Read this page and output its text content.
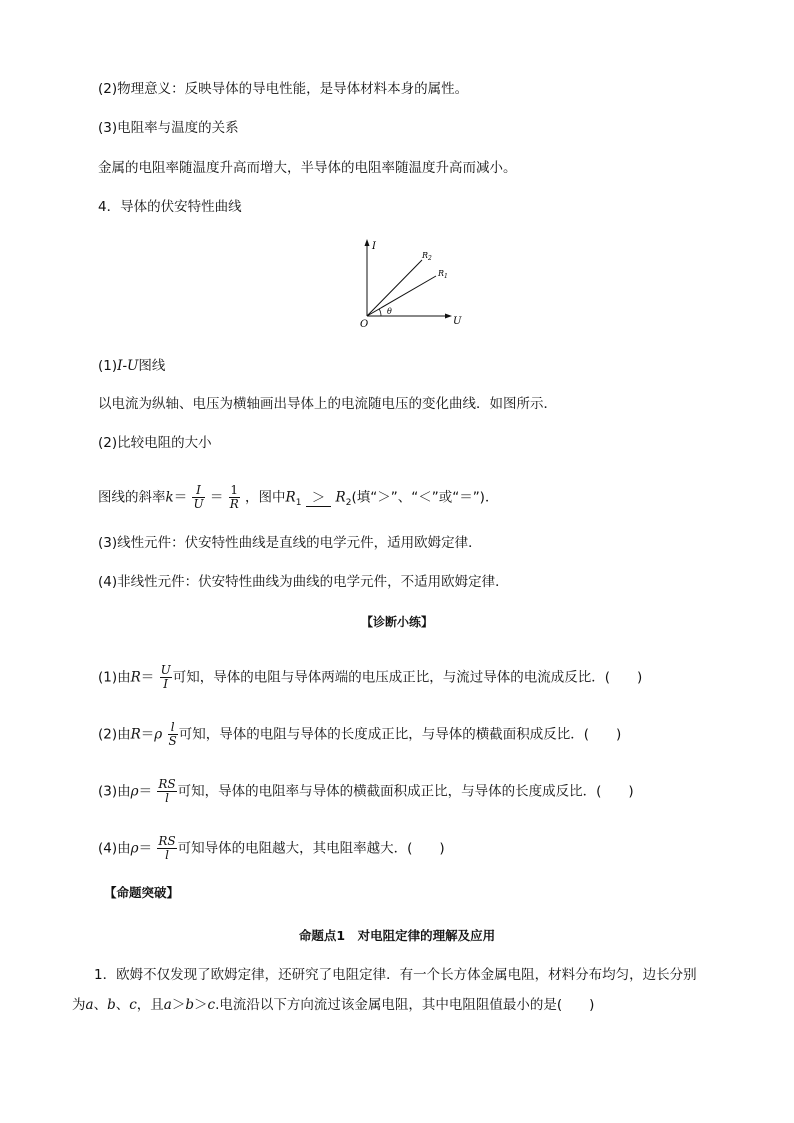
(2)物理意义：反映导体的导电性能，是导体材料本身的属性。
(3)电阻率与温度的关系
金属的电阻率随温度升高而增大，半导体的电阻率随温度升高而减小。
4．导体的伏安特性曲线
O
I
U
θ
$R_2$
$R_1$
(1)I-U图线
以电流为纵轴、电压为横轴画出导体上的电流随电压的变化曲线．如图所示．
(2)比较电阻的大小
图线的斜率$k= \frac{I}{U} = \frac{1}{R}$ ，图中$R_1 > R_2$(填“＞”、“＜”或“＝”)．
(3)线性元件：伏安特性曲线是直线的电学元件，适用欧姆定律．
(4)非线性元件：伏安特性曲线为曲线的电学元件，不适用欧姆定律．
【诊断小练】
(1)由$R= \frac{U}{I}$ 可知，导体的电阻与导体两端的电压成正比，与流过导体的电流成反比．(　　)
(2)由$R=\rho \frac{l}{S}$ 可知，导体的电阻与导体的长度成正比，与导体的横截面积成反比．(　　)
(3)由$\rho= \frac{RS}{l}$ 可知，导体的电阻率与导体的横截面积成正比，与导体的长度成反比．(　　)
(4)由$\rho= \frac{RS}{l}$ 可知导体的电阻越大，其电阻率越大．(　　)
【命题突破】
命题点1　对电阻定律的理解及应用
1．欧姆不仅发现了欧姆定律，还研究了电阻定律．有一个长方体金属电阻，材料分布均匀，边长分别
为a、b、c，且a＞b＞c.电流沿以下方向流过该金属电阻，其中电阻阻值最小的是(　　)
